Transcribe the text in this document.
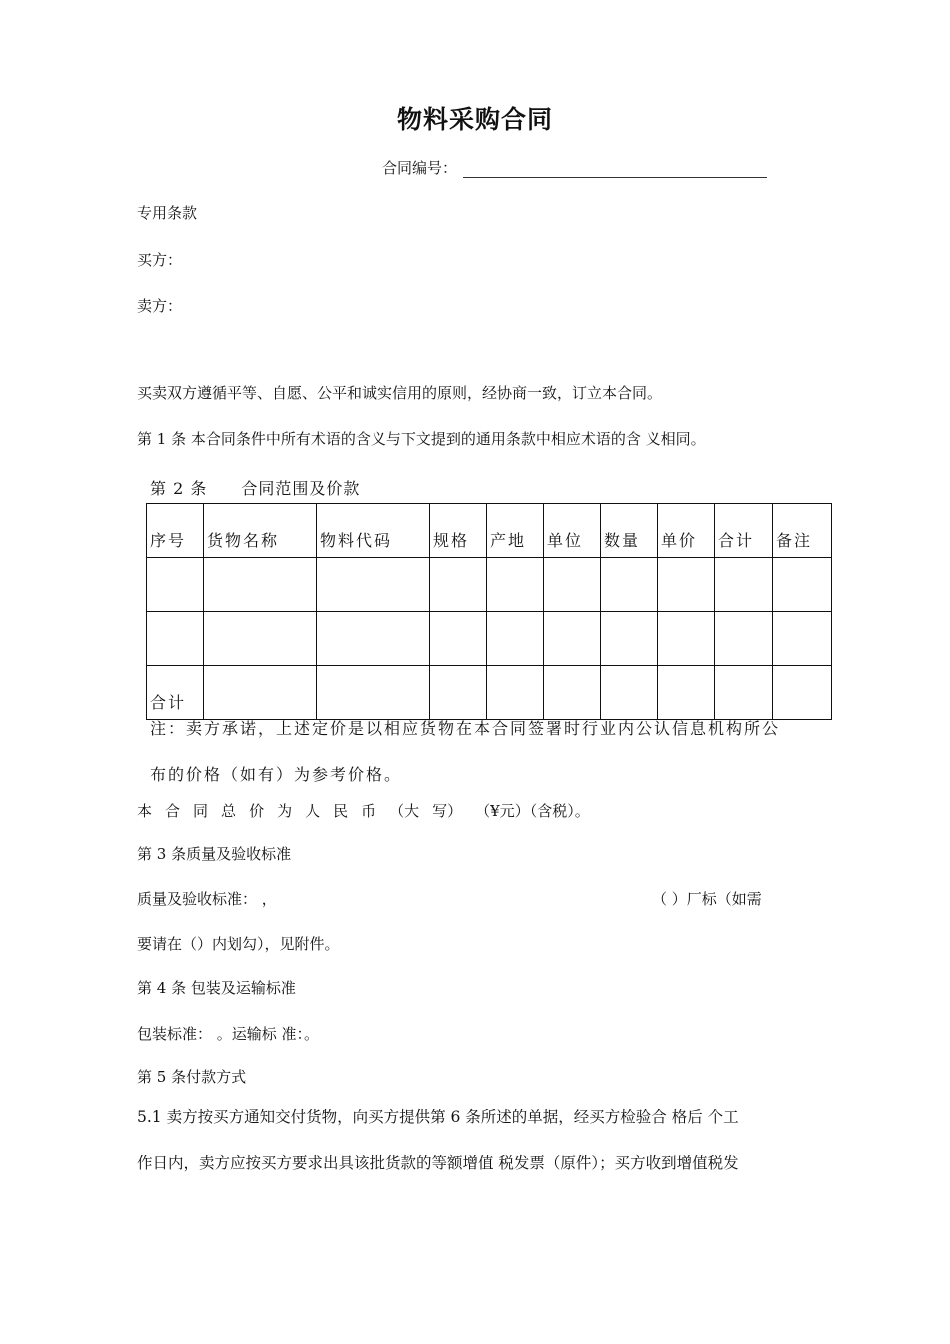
物料采购合同
合同编号：
专用条款
买方：
卖方：
买卖双方遵循平等、自愿、公平和诚实信用的原则，经协商一致，订立本合同。
第 1 条 本合同条件中所有术语的含义与下文提到的通用条款中相应术语的含 义相同。
第 2 条 合同范围及价款
序号	货物名称	物料代码	规格	产地	单位	数量	单价	合计	备注

合计									
注：卖方承诺，上述定价是以相应货物在本合同签署时行业内公认信息机构所公
布的价格（如有）为参考价格。
本 合 同 总 价 为 人 民 币 （大 写） （¥元）（含税）。
第 3 条质量及验收标准
质量及验收标准： ，	（ ）厂标（如需
要请在（）内划勾），见附件。
第 4 条 包装及运输标准
包装标准： 。运输标 准：。
第 5 条付款方式
5.1 卖方按买方通知交付货物，向买方提供第 6 条所述的单据，经买方检验合 格后 个工
作日内，卖方应按买方要求出具该批货款的等额增值 税发票（原件）；买方收到增值税发
